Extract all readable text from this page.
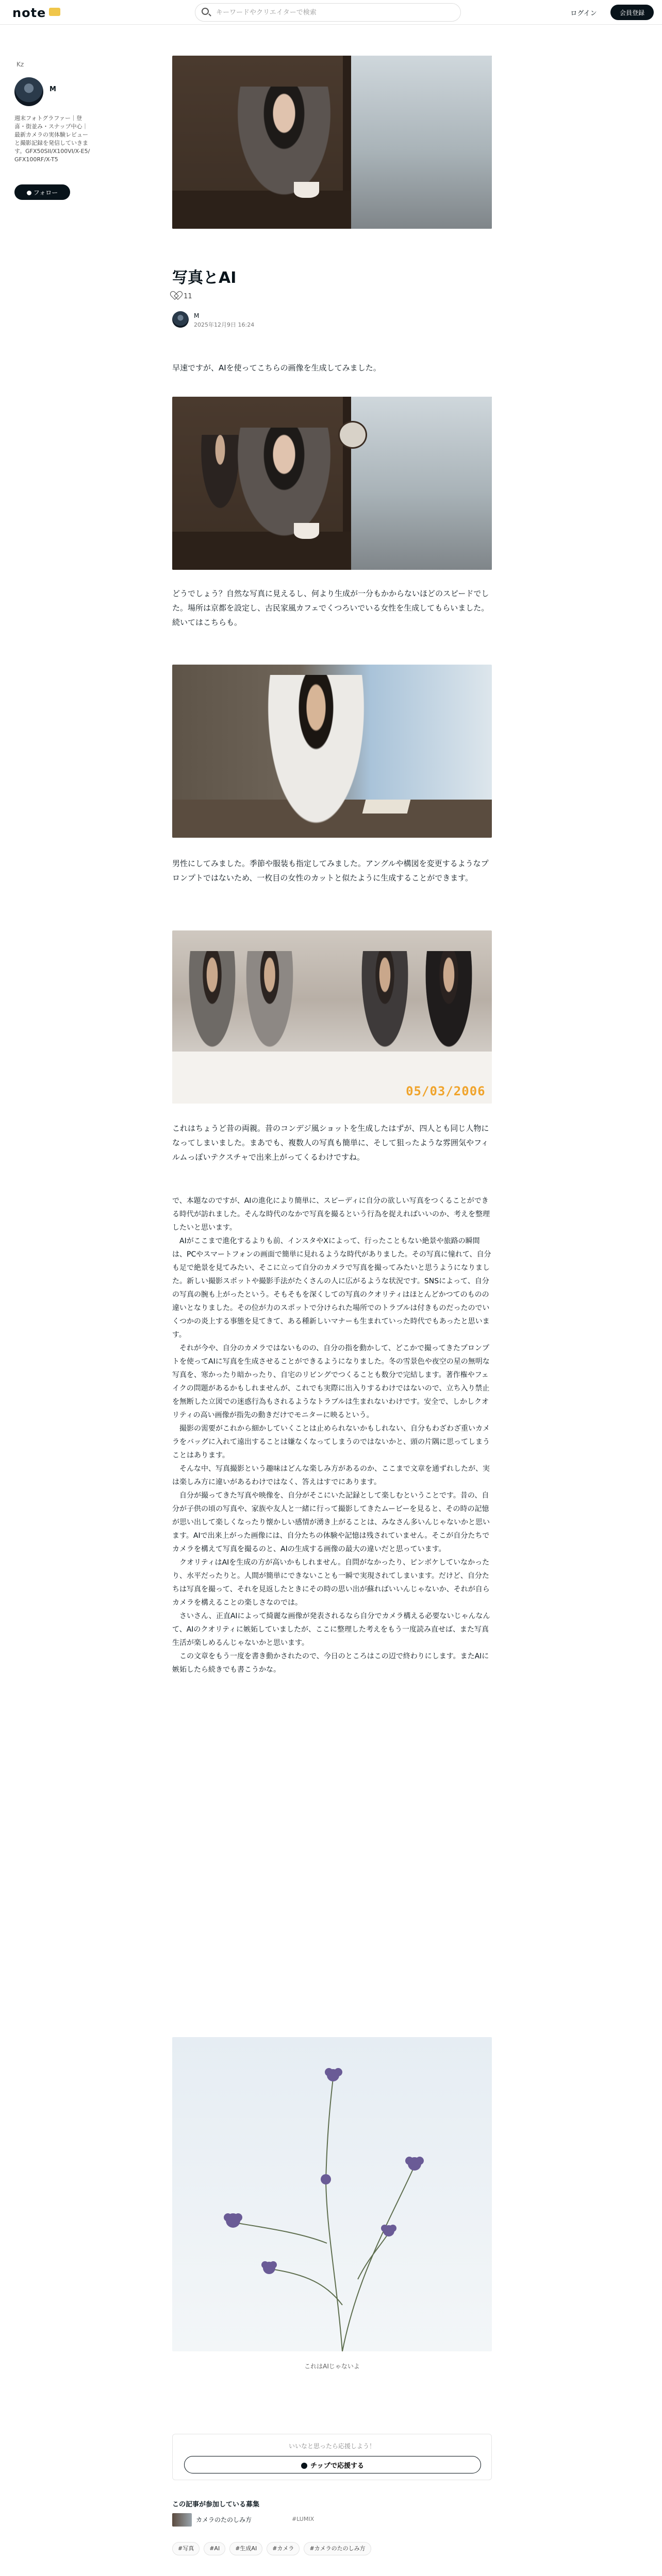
note
キーワードやクリエイターで検索	ログイン	会員登録
Kz
M
週末フォトグラファー｜登喜・街並み・スナップ中心｜最新カメラの実体験レビューと撮影記録を発信していきます。GFX50SII/X100VI/X-E5/GFX100RF/X-T5
フォロー
写真とAI
11
M
2025年12月9日 16:24
早速ですが、AIを使ってこちらの画像を生成してみました。
どうでしょう？自然な写真に見えるし、何より生成が一分もかからないほどのスピードでした。場所は京都を設定し、古民家風カフェでくつろいでいる女性を生成してもらいました。続いてはこちらも。
男性にしてみました。季節や服装も指定してみました。アングルや構図を変更するようなプロンプトではないため、一枚目の女性のカットと似たように生成することができます。
05/03/2006
これはちょうど昔の両親。昔のコンデジ風ショットを生成したはずが、四人とも同じ人物になってしまいました。まあでも、複数人の写真も簡単に、そして狙ったような雰囲気やフィルムっぽいテクスチャで出来上がってくるわけですね。
で、本題なのですが、AIの進化により簡単に、スピーディに自分の欲しい写真をつくることができる時代が訪れました。そんな時代のなかで写真を撮るという行為を捉えればいいのか、考えを整理したいと思います。
　AIがここまで進化するよりも前、インスタやXによって、行ったこともない絶景や旅路の瞬間は、PCやスマートフォンの画面で簡単に見れるような時代がありました。その写真に憧れて、自分も足で絶景を見てみたい、そこに立って自分のカメラで写真を撮ってみたいと思うようになりました。新しい撮影スポットや撮影手法がたくさんの人に広がるような状況です。SNSによって、自分の写真の腕も上がったという。そもそもを深くしての写真のクオリティはほとんどかつてのものの違いとなりました。その位が力のスポットで分けられた場所でのトラブルは付きものだったのでいくつかの炎上する事態を見てきて、ある種新しいマナーも生まれていった時代でもあったと思います。
　それが今や、自分のカメラではないものの、自分の指を動かして、どこかで撮ってきたプロンプトを使ってAIに写真を生成させることができるようになりました。冬の雪景色や夜空の星の無明な写真を、寒かったり暗かったり、自宅のリビングでつくることも数分で完結します。著作権やフェイクの問題があるかもしれませんが、これでも実際に出入りするわけではないので、立ち入り禁止を無断した立図での迷惑行為もされるようなトラブルは生まれないわけです。安全で、しかしクオリティの高い画像が指先の動きだけでモニターに映るという。
　撮影の需要がこれから細かしていくことは止められないかもしれない、自分もわざわざ重いカメラをバッグに入れて遠出することは嫌なくなってしまうのではないかと、頭の片隅に思ってしまうことはあります。
　そんな中、写真撮影という趣味はどんな楽しみ方があるのか、ここまで文章を通ずれしたが、実は楽しみ方に違いがあるわけではなく、答えはすでにあります。
　自分が撮ってきた写真や映像を、自分がそこにいた記録として楽しむということです。昔の、自分が子供の頃の写真や、家族や友人と一緒に行って撮影してきたムービーを見ると、その時の記憶が思い出して楽しくなったり懐かしい感情が湧き上がることは、みなさん多いんじゃないかと思います。AIで出来上がった画像には、自分たちの体験や記憶は残されていません。そこが自分たちでカメラを構えて写真を撮るのと、AIの生成する画像の最大の違いだと思っています。
　クオリティはAIを生成の方が高いかもしれません。自問がなかったり、ピンボケしていなかったり、水平だったりと。人間が簡単にできないことも一瞬で実現されてしまいます。だけど、自分たちは写真を撮って、それを見返したときにその時の思い出が蘇ればいいんじゃないか、それが自らカメラを構えることの楽しさなのでは。
　さいさん、正直AIによって綺麗な画像が発表されるなら自分でカメラ構える必要ないじゃんなんて、AIのクオリティに嫉妬していましたが、ここに整理した考えをもう一度読み直せば、また写真生活が楽しめるんじゃないかと思います。
　この文章をもう一度を書き動かされたので、今日のところはこの辺で終わりにします。またAIに嫉妬したら続きでも書こうかな。
これはAIじゃないよ
いいなと思ったら応援しよう！
チップで応援する
この記事が参加している募集
カメラのたのしみ方	#LUMIX
#写真	#AI	#生成AI	#カメラ	#カメラのたのしみ方
